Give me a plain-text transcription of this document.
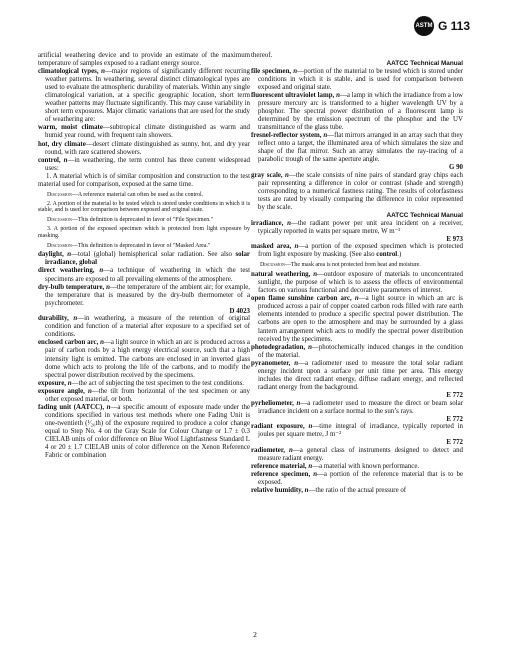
ASTM G 113

artificial weathering device and to provide an estimate of the maximum temperature of samples exposed to a radiant energy source.

climatological types, n—major regions of significantly different recurring weather patterns. In weathering, several distinct climatological types are used to evaluate the atmospheric durability of materials. Within any single climatological variation, at a specific geographic location, short term weather patterns may fluctuate significantly. This may cause variability in short term exposures. Major climatic variations that are used for the study of weathering are:

warm, moist climate—subtropical climate distinguished as warm and humid year round, with frequent rain showers.

hot, dry climate—desert climate distinguished as sunny, hot, and dry year round, with rare scattered showers.

control, n—in weathering, the term control has three current widespread uses:

1. A material which is of similar composition and construction to the test material used for comparison, exposed at the same time.

Discussion—A reference material can often be used as the control.

2. A portion of the material to be tested which is stored under conditions in which it is stable, and is used for comparison between exposed and original state.

Discussion—This definition is deprecated in favor of "File Specimen."

3. A portion of the exposed specimen which is protected from light exposure by masking.

Discussion—This definition is deprecated in favor of "Masked Area."

daylight, n—total (global) hemispherical solar radiation. See also solar irradiance, global

direct weathering, n—a technique of weathering in which the test specimens are exposed to all prevailing elements of the atmosphere.

dry-bulb temperature, n—the temperature of the ambient air; for example, the temperature that is measured by the dry-bulb thermometer of a psychrometer.

D 4023

durability, n—in weathering, a measure of the retention of original condition and function of a material after exposure to a specified set of conditions.

enclosed carbon arc, n—a light source in which an arc is produced across a pair of carbon rods by a high energy electrical source, such that a high intensity light is emitted. The carbons are enclosed in an inverted glass dome which acts to prolong the life of the carbons, and to modify the spectral power distribution received by the specimens.

exposure, n—the act of subjecting the test specimen to the test conditions.

exposure angle, n—the tilt from horizontal of the test specimen or any other exposed material, or both.

fading unit (AATCC), n—a specific amount of exposure made under the conditions specified in various test methods where one Fading Unit is one-twentieth (¹⁄₂₀th) of the exposure required to produce a color change equal to Step No. 4 on the Gray Scale for Colour Change or 1.7 ± 0.3 CIELAB units of color difference on Blue Wool Lightfastness Standard L 4 or 20 ± 1.7 CIELAB units of color difference on the Xenon Reference Fabric or combination

thereof.

AATCC Technical Manual

file specimen, n—portion of the material to be tested which is stored under conditions in which it is stable, and is used for comparison between exposed and original state.

fluorescent ultraviolet lamp, n—a lamp in which the irradiance from a low pressure mercury arc is transformed to a higher wavelength UV by a phosphor. The spectral power distribution of a fluorescent lamp is determined by the emission spectrum of the phosphor and the UV transmittance of the glass tube.

fresnel-reflector system, n—flat mirrors arranged in an array such that they reflect onto a target, the illuminated area of which simulates the size and shape of the flat mirror. Such an array simulates the ray-tracing of a parabolic trough of the same aperture angle.

G 90

gray scale, n—the scale consists of nine pairs of standard gray chips each pair representing a difference in color or contrast (shade and strength) corresponding to a numerical fastness rating. The results of colorfastness tests are rated by visually comparing the difference in color represented by the scale.

AATCC Technical Manual

irradiance, n—the radiant power per unit area incident on a receiver, typically reported in watts per square metre, W m⁻²

E 973

masked area, n—a portion of the exposed specimen which is protected from light exposure by masking. (See also control.)

Discussion—The mask area is not protected from heat and moisture.

natural weathering, n—outdoor exposure of materials to unconcentrated sunlight, the purpose of which is to assess the effects of environmental factors on various functional and decorative parameters of interest.

open flame sunshine carbon arc, n—a light source in which an arc is produced across a pair of copper coated carbon rods filled with rare earth elements intended to produce a specific spectral power distribution. The carbons are open to the atmosphere and may be surrounded by a glass lantern arrangement which acts to modify the spectral power distribution received by the specimens.

photodegradation, n—photochemically induced changes in the condition of the material.

pyranometer, n—a radiometer used to measure the total solar radiant energy incident upon a surface per unit time per area. This energy includes the direct radiant energy, diffuse radiant energy, and reflected radiant energy from the background.

E 772

pyrheliometer, n—a radiometer used to measure the direct or beam solar irradiance incident on a surface normal to the sun’s rays.

E 772

radiant exposure, n—time integral of irradiance, typically reported in joules per square metre, J m⁻²

E 772

radiometer, n—a general class of instruments designed to detect and measure radiant energy.

reference material, n—a material with known performance.

reference specimen, n—a portion of the reference material that is to be exposed.

relative humidity, n—the ratio of the actual pressure of

2
